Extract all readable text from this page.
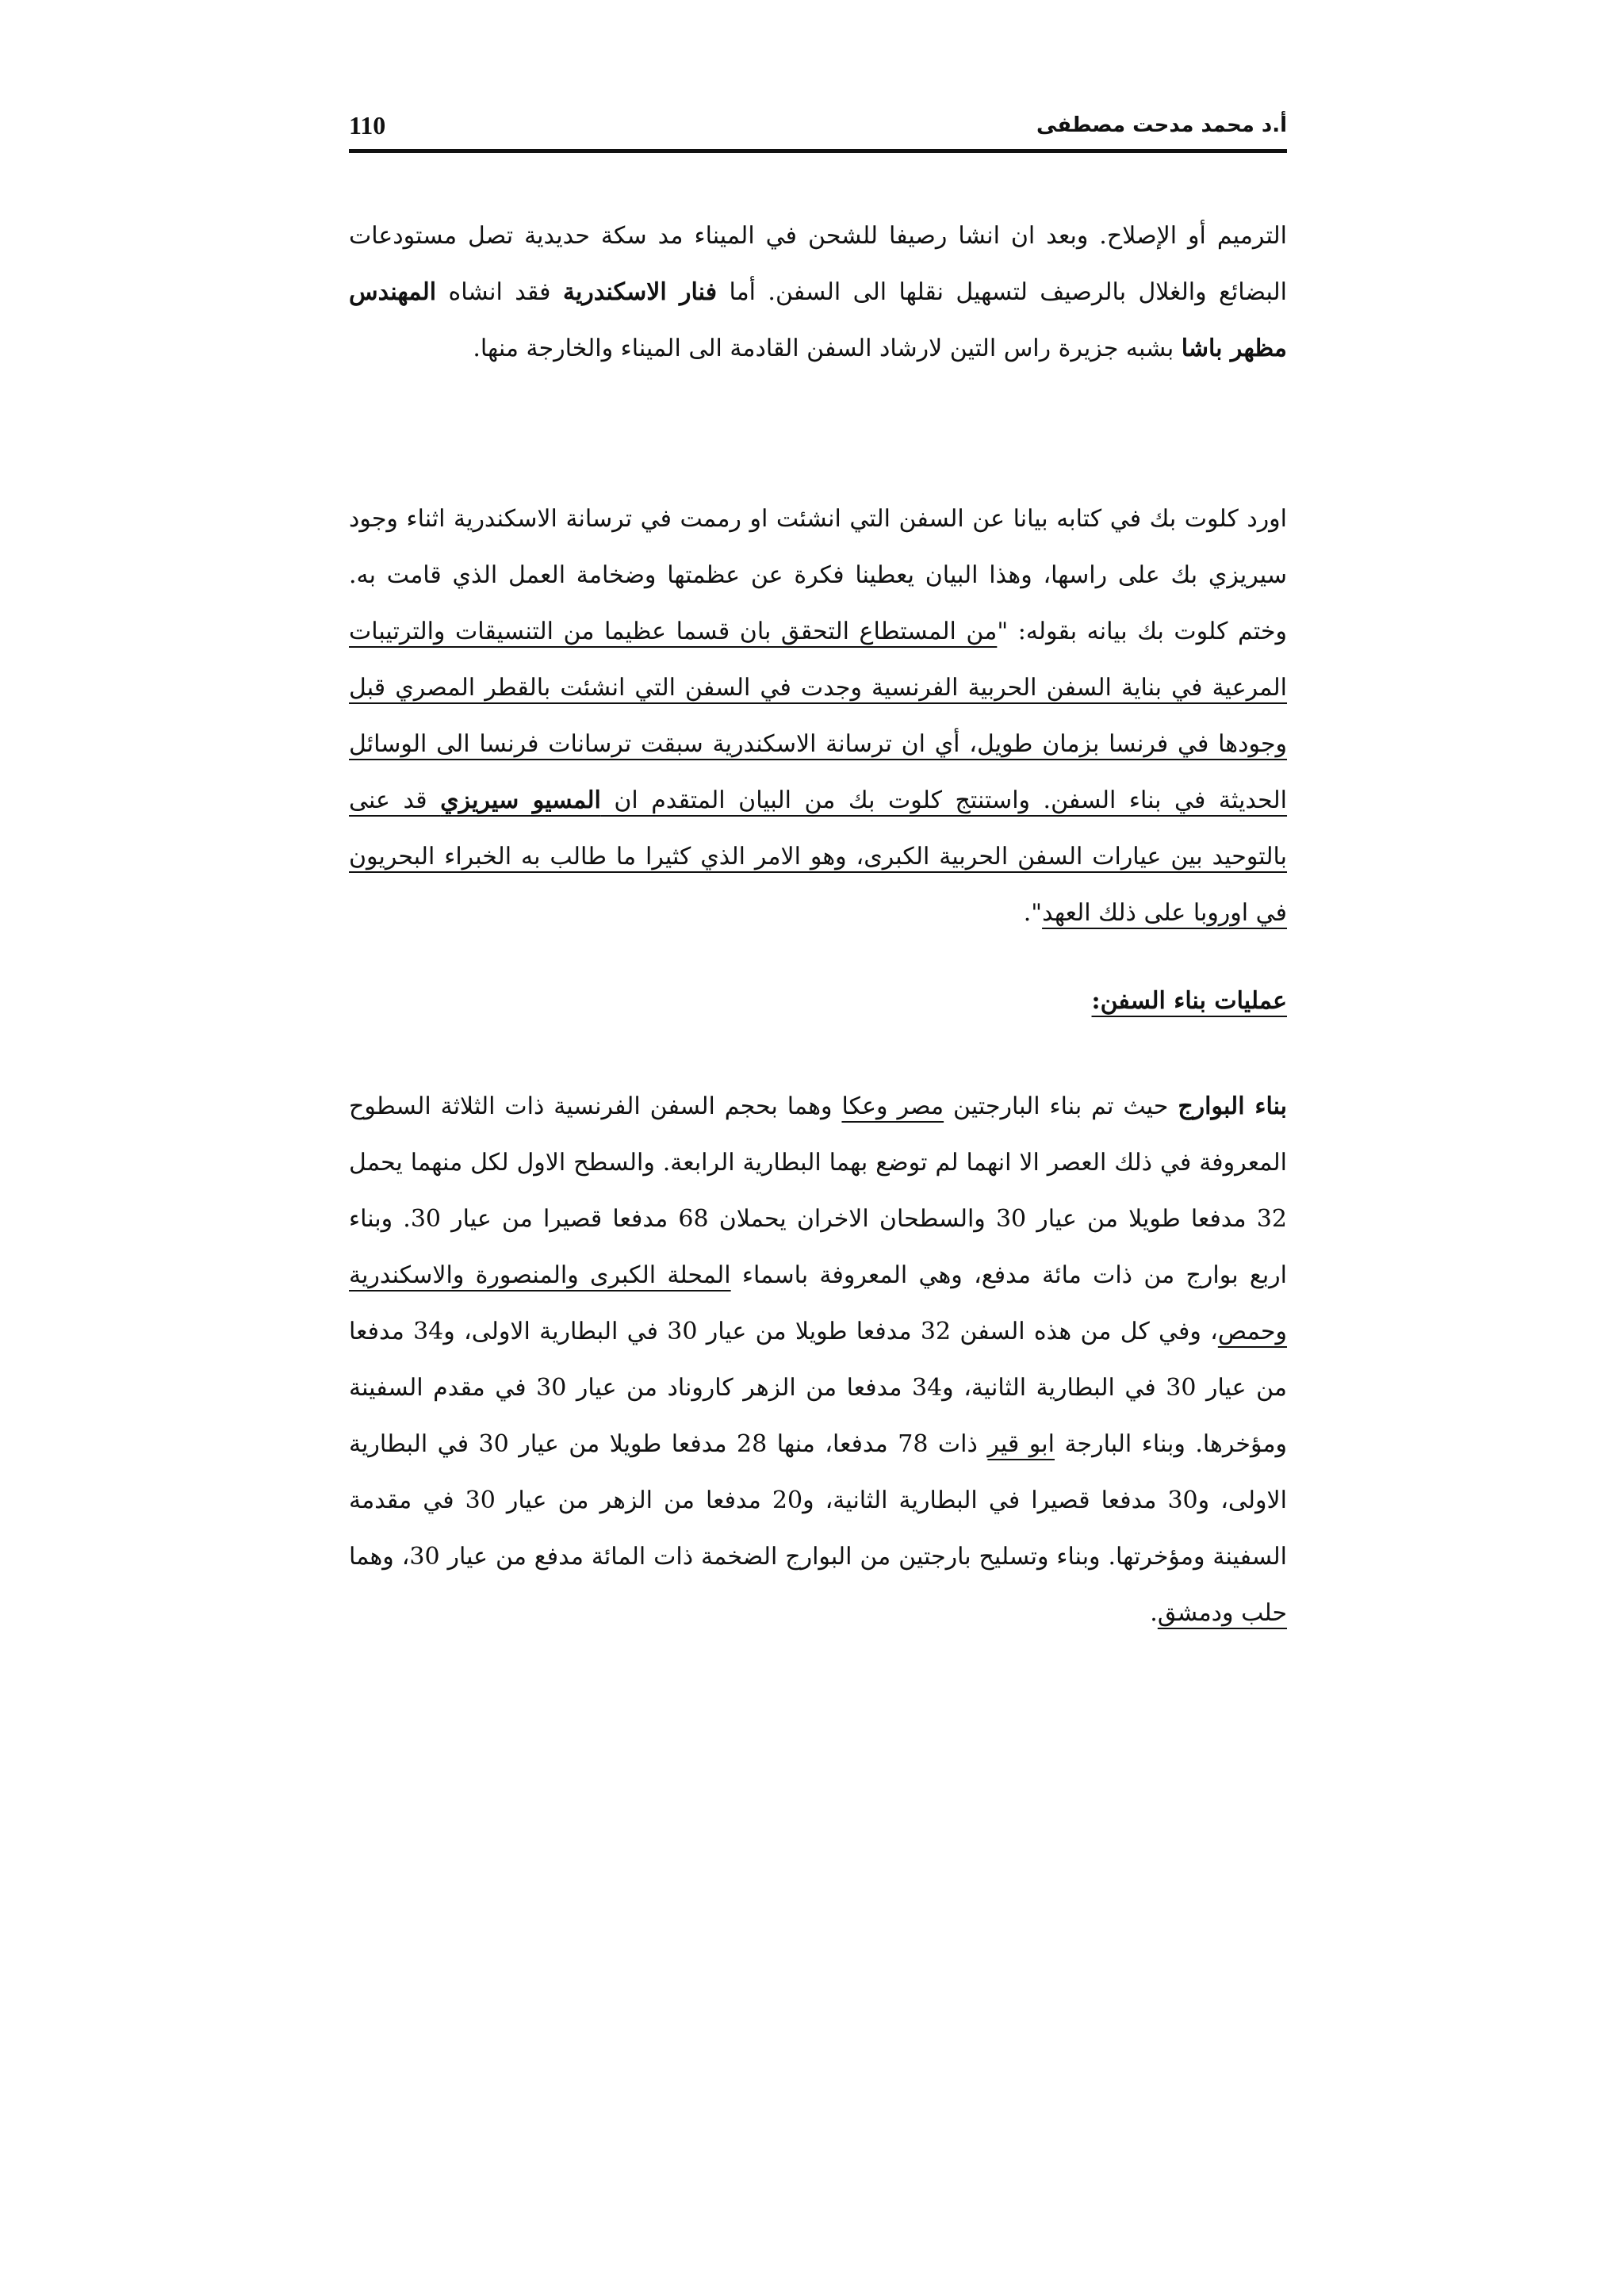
أ.د محمد مدحت مصطفى
110

الترميم أو الإصلاح. وبعد ان انشا رصيفا للشحن في الميناء مد سكة حديدية تصل مستودعات البضائع والغلال بالرصيف لتسهيل نقلها الى السفن. أما فنار الاسكندرية فقد انشاه المهندس مظهر باشا بشبه جزيرة راس التين لارشاد السفن القادمة الى الميناء والخارجة منها.

اورد كلوت بك في كتابه بيانا عن السفن التي انشئت او رممت في ترسانة الاسكندرية اثناء وجود سيريزي بك على راسها، وهذا البيان يعطينا فكرة عن عظمتها وضخامة العمل الذي قامت به. وختم كلوت بك بيانه بقوله: "من المستطاع التحقق بان قسما عظيما من التنسيقات والترتيبات المرعية في بناية السفن الحربية الفرنسية وجدت في السفن التي انشئت بالقطر المصري قبل وجودها في فرنسا بزمان طويل، أي ان ترسانة الاسكندرية سبقت ترسانات فرنسا الى الوسائل الحديثة في بناء السفن. واستنتج كلوت بك من البيان المتقدم ان المسيو سيريزي قد عنى بالتوحيد بين عيارات السفن الحربية الكبرى، وهو الامر الذي كثيرا ما طالب به الخبراء البحريون في اوروبا على ذلك العهد".

عمليات بناء السفن:

بناء البوارج حيث تم بناء البارجتين مصر وعكا وهما بحجم السفن الفرنسية ذات الثلاثة السطوح المعروفة في ذلك العصر الا انهما لم توضع بهما البطارية الرابعة. والسطح الاول لكل منهما يحمل 32 مدفعا طويلا من عيار 30 والسطحان الاخران يحملان 68 مدفعا قصيرا من عيار 30. وبناء اربع بوارج من ذات مائة مدفع، وهي المعروفة باسماء المحلة الكبرى والمنصورة والاسكندرية وحمص، وفي كل من هذه السفن 32 مدفعا طويلا من عيار 30 في البطارية الاولى، و34 مدفعا من عيار 30 في البطارية الثانية، و34 مدفعا من الزهر كاروناد من عيار 30 في مقدم السفينة ومؤخرها. وبناء البارجة ابو قير ذات 78 مدفعا، منها 28 مدفعا طويلا من عيار 30 في البطارية الاولى، و30 مدفعا قصيرا في البطارية الثانية، و20 مدفعا من الزهر من عيار 30 في مقدمة السفينة ومؤخرتها. وبناء وتسليح بارجتين من البوارج الضخمة ذات المائة مدفع من عيار 30، وهما حلب ودمشق.
